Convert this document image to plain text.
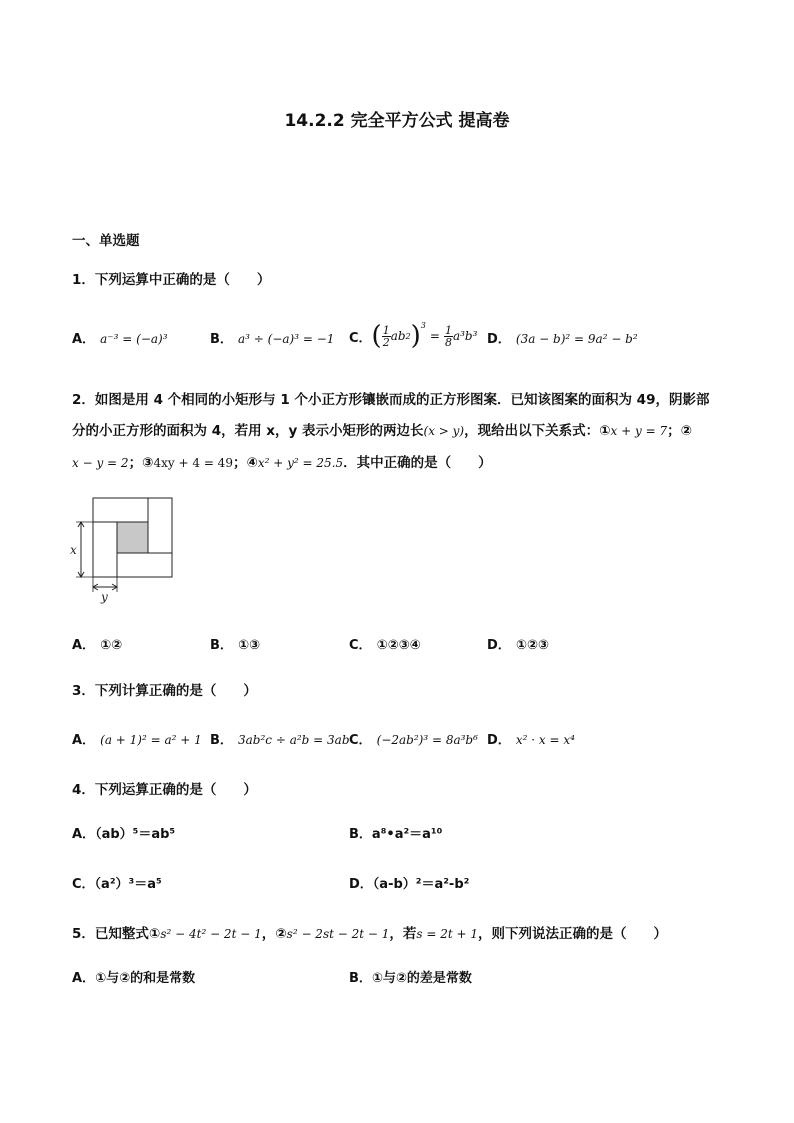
14.2.2 完全平方公式 提高卷
一、单选题
1．下列运算中正确的是（　　）
A． a⁻³ = (−a)³	B． a³ ÷ (−a)³ = −1 C． ( $\frac{1}{2}$ ab 2 )$^3$
= $\frac{1}{8} a^3b^3$ D． (3a − b)² = 9a² − b²
2．如图是用 4 个相同的小矩形与 1 个小正方形镶嵌而成的正方形图案．已知该图案的面积为 49，阴影部
分的小正方形的面积为 4，若用 x，y 表示小矩形的两边长(x > y)，现给出以下关系式：①x + y = 7；②
x − y = 2；③4xy + 4 = 49；④x² + y² = 25.5．其中正确的是（　　）
x
y
A． ①②	B． ①③	C． ①②③④	D． ①②③
3．下列计算正确的是（　　）
A． (a + 1)² = a² + 1 B． 3ab²c ÷ a²b = 3ab C． (−2ab²)³ = 8a³b⁶ D． x² · x = x⁴
4．下列运算正确的是（　　）
A．（ab）⁵＝ab⁵	B．a⁸•a²＝a¹⁰
C．（a²）³＝a⁵	D．（a-b）²＝a²-b²
5．已知整式①s² − 4t² − 2t − 1，②s² − 2st − 2t − 1，若s = 2t + 1，则下列说法正确的是（　　）
A．①与②的和是常数	B．①与②的差是常数
